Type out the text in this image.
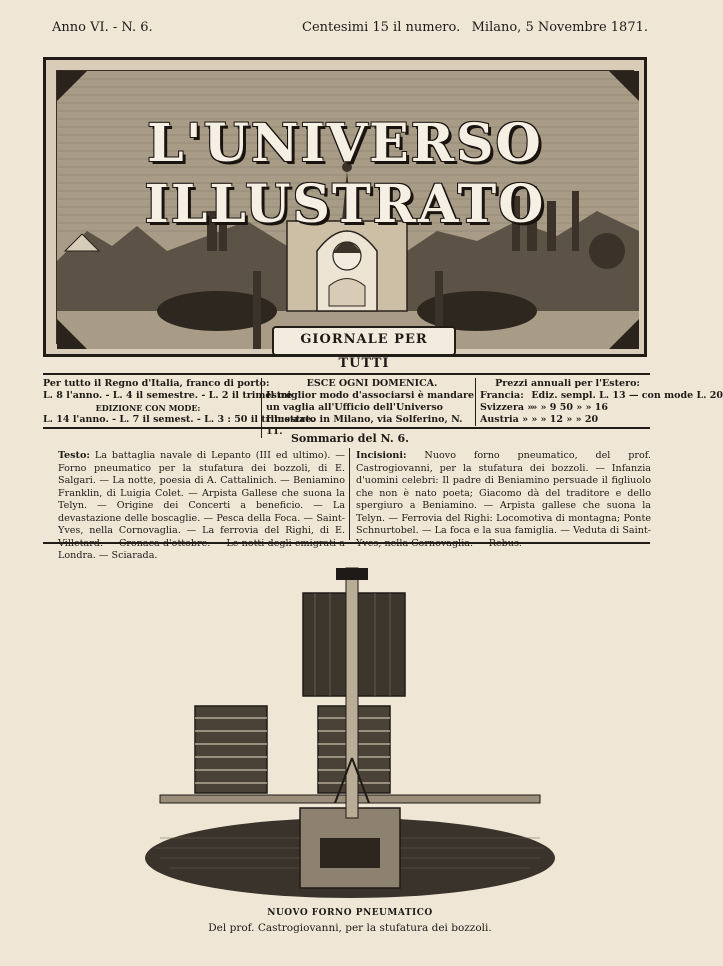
Anno VI. - N. 6.	Centesimi 15 il numero. Milano, 5 Novembre 1871.
L'UNIVERSO ILLUSTRATO
GIORNALE PER TUTTI
Per tutto il Regno d'Italia, franco di porto:
L. 8 l'anno. - L. 4 il semestre. - L. 2 il trimestre
EDIZIONE CON MODE:
L. 14 l'anno. - L. 7 il semest. - L. 3 : 50 il trimestre.
ESCE OGNI DOMENICA.
Il miglior modo d'associarsi è mandare un vaglia all'Ufficio dell'Universo Illustrato in Milano, via Solferino, N. 11.
Prezzi annuali per l'Estero:
Francia: Ediz. sempl. L. 13 — con mode L. 20
Svizzera » » » 9 50 » » 16
Austria » » » 12 » » 20
Sommario del N. 6.
Testo: La battaglia navale di Lepanto (III ed ultimo). — Forno pneumatico per la stufatura dei bozzoli, di E. Salgari. — La notte, poesia di A. Cattalinich. — Beniamino Franklin, di Luigia Colet. — Arpista Gallese che suona la Telyn. — Origine dei Concerti a beneficio. — La devastazione delle boscaglie. — Pesca della Foca. — Saint-Yves, nella Cornovaglia. — La ferrovia del Righi, di E. Londra. — Sciarada.
Incisioni: Nuovo forno pneumatico, del prof. Castrogiovanni, per la stufatura dei bozzoli. — Infanzia d'uomini celebri: Il padre di Beniamino persuade il figliuolo che non è nato poeta; Giacomo dà del traditore e dello spergiuro a Beniamino. — Arpista gallese che suona la Telyn. — Ferrovia del Righi: Locomotiva di montagna; Ponte Schnurtobel. — La foca e la sua famiglia. — Veduta di Saint-
NUOVO FORNO PNEUMATICO
Del prof. Castrogiovanni, per la stufatura dei bozzoli.
